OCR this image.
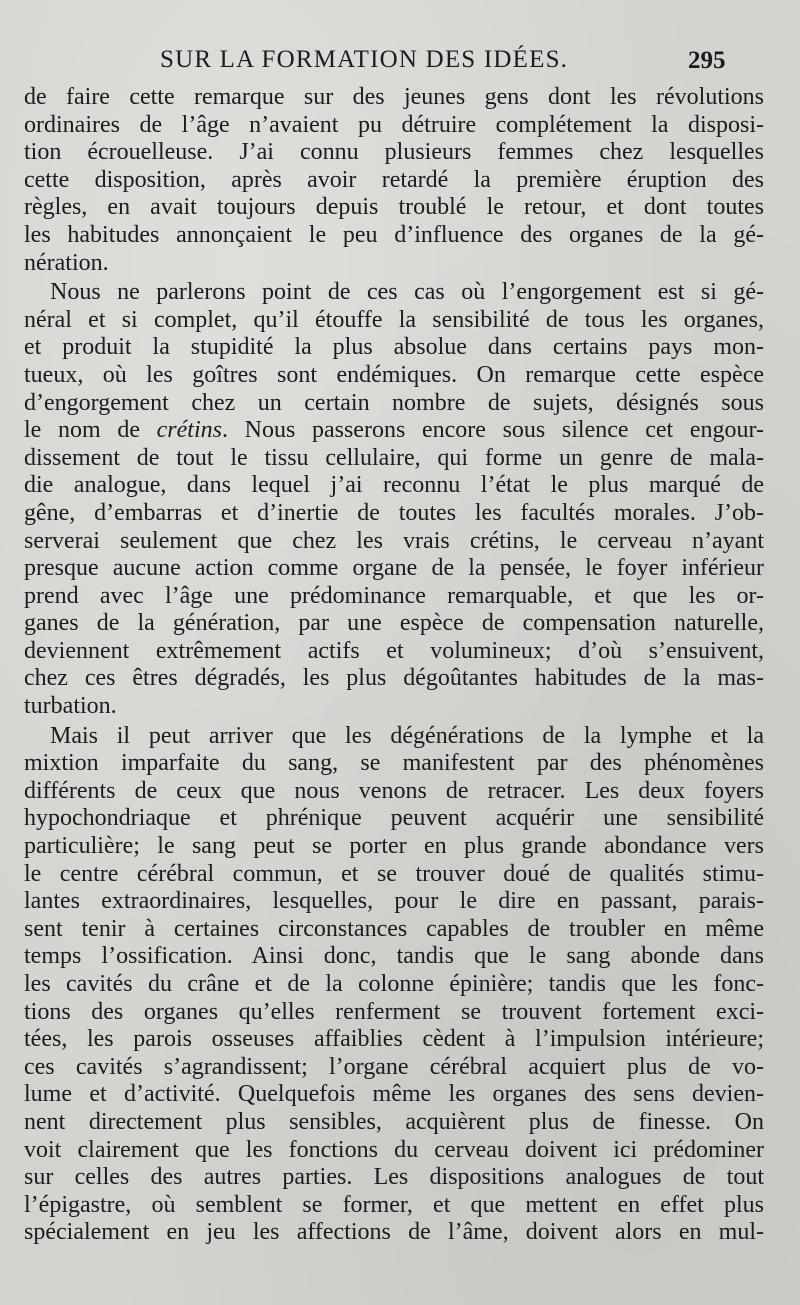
SUR LA FORMATION DES IDÉES.	295
de faire cette remarque sur des jeunes gens dont les révolutions
ordinaires de l’âge n’avaient pu détruire complétement la disposi-
tion écrouelleuse. J’ai connu plusieurs femmes chez lesquelles
cette disposition, après avoir retardé la première éruption des
règles, en avait toujours depuis troublé le retour, et dont toutes
les habitudes annonçaient le peu d’influence des organes de la gé-
nération.
Nous ne parlerons point de ces cas où l’engorgement est si gé-
néral et si complet, qu’il étouffe la sensibilité de tous les organes,
et produit la stupidité la plus absolue dans certains pays mon-
tueux, où les goîtres sont endémiques. On remarque cette espèce
d’engorgement chez un certain nombre de sujets, désignés sous
le nom de crétins. Nous passerons encore sous silence cet engour-
dissement de tout le tissu cellulaire, qui forme un genre de mala-
die analogue, dans lequel j’ai reconnu l’état le plus marqué de
gêne, d’embarras et d’inertie de toutes les facultés morales. J’ob-
serverai seulement que chez les vrais crétins, le cerveau n’ayant
presque aucune action comme organe de la pensée, le foyer inférieur
prend avec l’âge une prédominance remarquable, et que les or-
ganes de la génération, par une espèce de compensation naturelle,
deviennent extrêmement actifs et volumineux; d’où s’ensuivent,
chez ces êtres dégradés, les plus dégoûtantes habitudes de la mas-
turbation.
Mais il peut arriver que les dégénérations de la lymphe et la
mixtion imparfaite du sang, se manifestent par des phénomènes
différents de ceux que nous venons de retracer. Les deux foyers
hypochondriaque et phrénique peuvent acquérir une sensibilité
particulière; le sang peut se porter en plus grande abondance vers
le centre cérébral commun, et se trouver doué de qualités stimu-
lantes extraordinaires, lesquelles, pour le dire en passant, parais-
sent tenir à certaines circonstances capables de troubler en même
temps l’ossification. Ainsi donc, tandis que le sang abonde dans
les cavités du crâne et de la colonne épinière; tandis que les fonc-
tions des organes qu’elles renferment se trouvent fortement exci-
tées, les parois osseuses affaiblies cèdent à l’impulsion intérieure;
ces cavités s’agrandissent; l’organe cérébral acquiert plus de vo-
lume et d’activité. Quelquefois même les organes des sens devien-
nent directement plus sensibles, acquièrent plus de finesse. On
voit clairement que les fonctions du cerveau doivent ici prédominer
sur celles des autres parties. Les dispositions analogues de tout
l’épigastre, où semblent se former, et que mettent en effet plus
spécialement en jeu les affections de l’âme, doivent alors en mul-
